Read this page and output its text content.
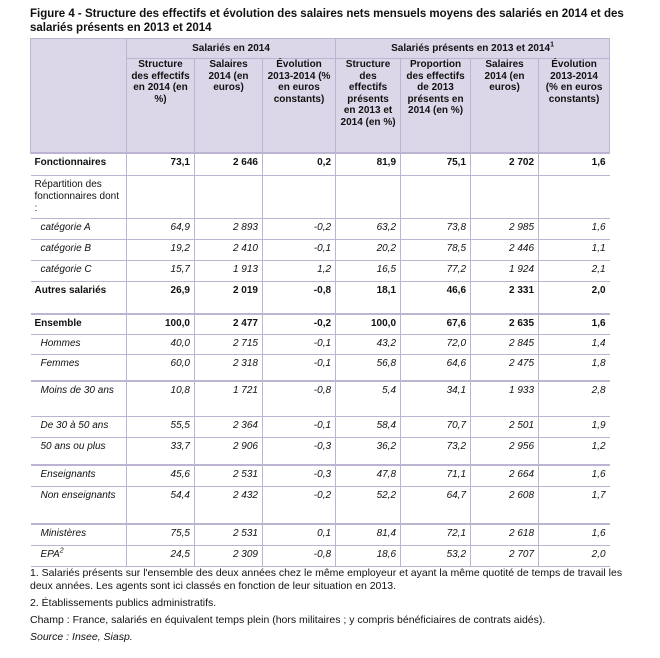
Figure 4 - Structure des effectifs et évolution des salaires nets mensuels moyens des salariés en 2014 et des salariés présents en 2013 et 2014
	Salariés en 2014			Salariés présents en 2013 et 2014$^1$
	Structure des effectifs en 2014 (en %)	Salaires 2014 (en euros)	Évolution 2013-2014 (% en euros constants)	Structure des effectifs présents en 2013 et 2014 (en %)	Proportion des effectifs de 2013 présents en 2014 (en %)	Salaires 2014 (en euros)	Évolution 2013-2014 (% en euros constants)
Fonctionnaires	73,1	2 646	0,2	81,9	75,1	2 702	1,6
Répartition des fonctionnaires dont :							
catégorie A	64,9	2 893	-0,2	63,2	73,8	2 985	1,6
catégorie B	19,2	2 410	-0,1	20,2	78,5	2 446	1,1
catégorie C	15,7	1 913	1,2	16,5	77,2	1 924	2,1
Autres salariés	26,9	2 019	-0,8	18,1	46,6	2 331	2,0
Ensemble	100,0	2 477	-0,2	100,0	67,6	2 635	1,6
Hommes	40,0	2 715	-0,1	43,2	72,0	2 845	1,4
Femmes	60,0	2 318	-0,1	56,8	64,6	2 475	1,8
Moins de 30 ans	10,8	1 721	-0,8	5,4	34,1	1 933	2,8
De 30 à 50 ans	55,5	2 364	-0,1	58,4	70,7	2 501	1,9
50 ans ou plus	33,7	2 906	-0,3	36,2	73,2	2 956	1,2
Enseignants	45,6	2 531	-0,3	47,8	71,1	2 664	1,6
Non enseignants	54,4	2 432	-0,2	52,2	64,7	2 608	1,7
Ministères	75,5	2 531	0,1	81,4	72,1	2 618	1,6
EPA$^2$	24,5	2 309	-0,8	18,6	53,2	2 707	2,0

1. Salariés présents sur l'ensemble des deux années chez le même employeur et ayant la même quotité de temps de travail les deux années. Les agents sont ici classés en fonction de leur situation en 2013.

2. Établissements publics administratifs.

Champ : France, salariés en équivalent temps plein (hors militaires ; y compris bénéficiaires de contrats aidés).

Source : Insee, Siasp.
